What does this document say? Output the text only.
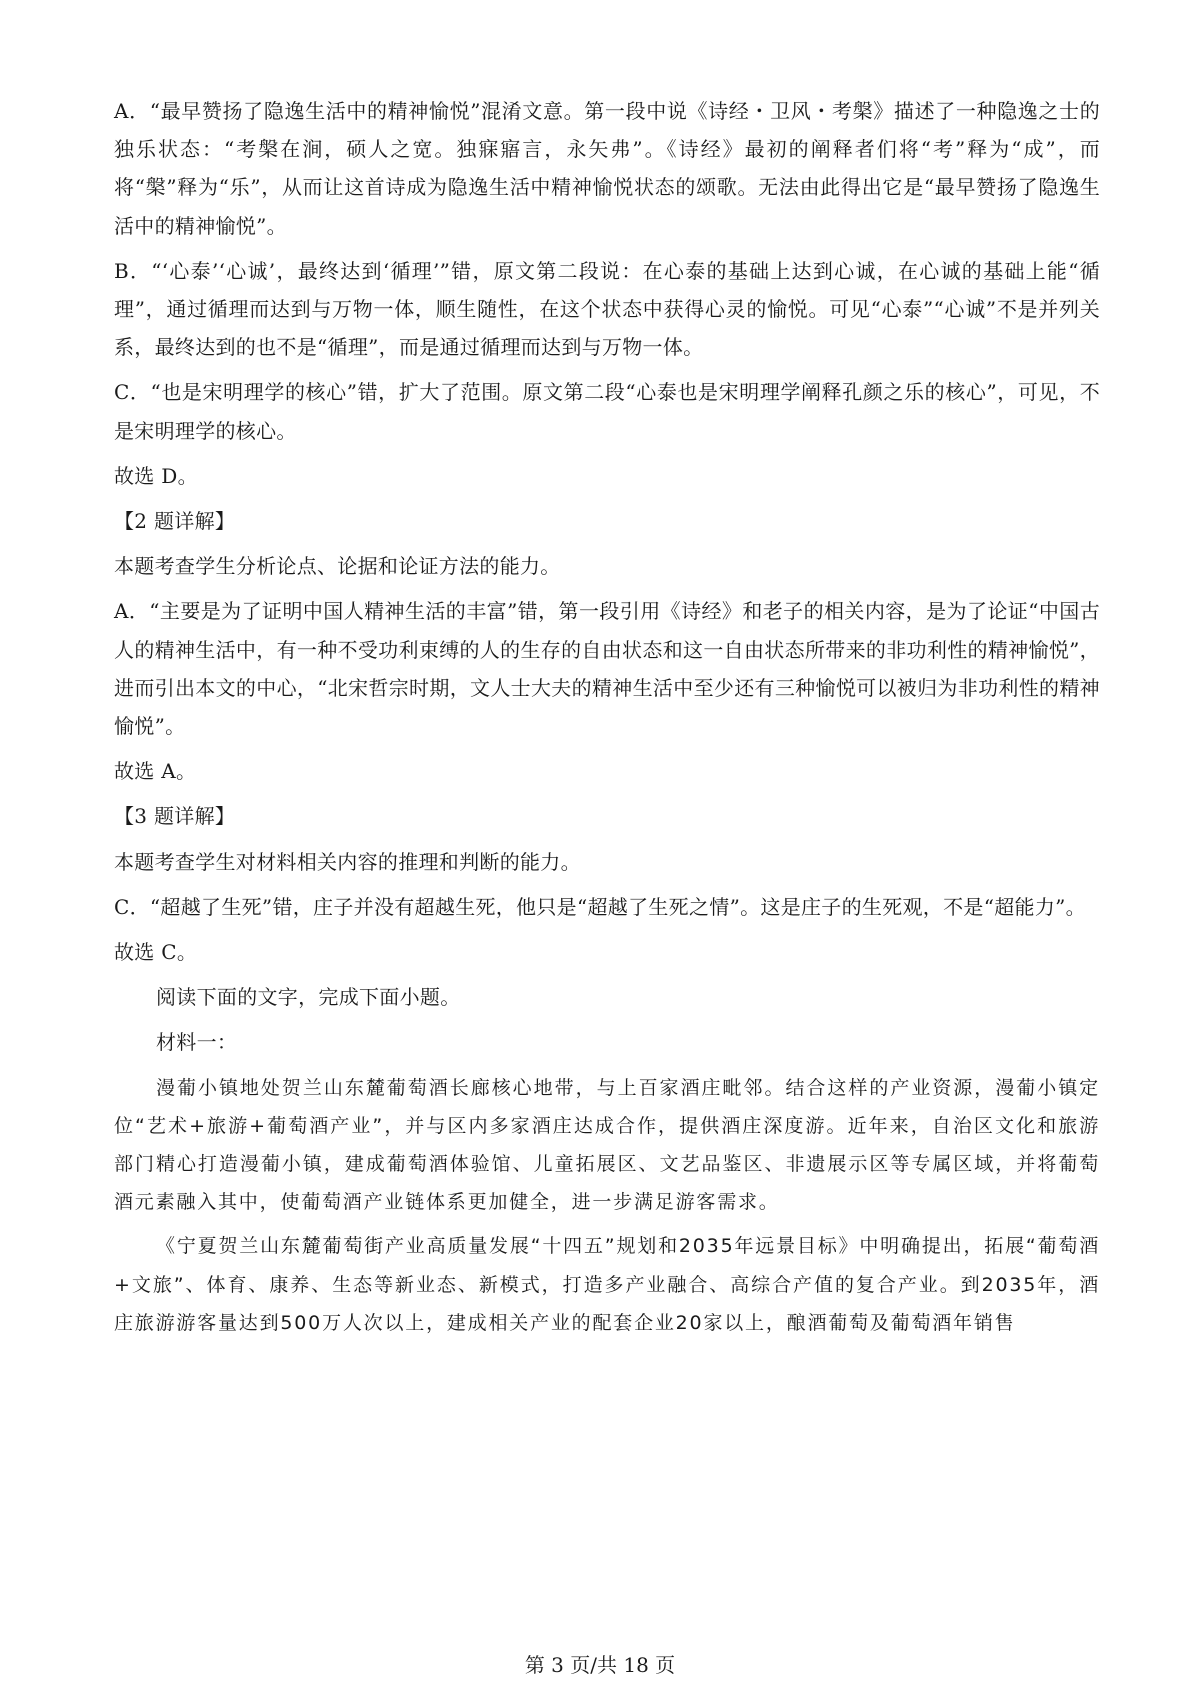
A．“最早赞扬了隐逸生活中的精神愉悦”混淆文意。第一段中说《诗经・卫风・考槃》描述了一种隐逸之士的独乐状态：“考槃在涧，硕人之宽。独寐寤言，永矢弗”。《诗经》最初的阐释者们将“考”释为“成”，而将“槃”释为“乐”，从而让这首诗成为隐逸生活中精神愉悦状态的颂歌。无法由此得出它是“最早赞扬了隐逸生活中的精神愉悦”。

B．“‘心泰’‘心诚’，最终达到‘循理’”错，原文第二段说：在心泰的基础上达到心诚，在心诚的基础上能“循理”，通过循理而达到与万物一体，顺生随性，在这个状态中获得心灵的愉悦。可见“心泰”“心诚”不是并列关系，最终达到的也不是“循理”，而是通过循理而达到与万物一体。

C．“也是宋明理学的核心”错，扩大了范围。原文第二段“心泰也是宋明理学阐释孔颜之乐的核心”，可见，不是宋明理学的核心。

故选 D。

【2 题详解】

本题考查学生分析论点、论据和论证方法的能力。

A．“主要是为了证明中国人精神生活的丰富”错，第一段引用《诗经》和老子的相关内容，是为了论证“中国古人的精神生活中，有一种不受功利束缚的人的生存的自由状态和这一自由状态所带来的非功利性的精神愉悦”，进而引出本文的中心，“北宋哲宗时期，文人士大夫的精神生活中至少还有三种愉悦可以被归为非功利性的精神愉悦”。

故选 A。

【3 题详解】

本题考查学生对材料相关内容的推理和判断的能力。

C．“超越了生死”错，庄子并没有超越生死，他只是“超越了生死之情”。这是庄子的生死观，不是“超能力”。

故选 C。

阅读下面的文字，完成下面小题。

材料一：

漫葡小镇地处贺兰山东麓葡萄酒长廊核心地带，与上百家酒庄毗邻。结合这样的产业资源，漫葡小镇定位“艺术+旅游+葡萄酒产业”，并与区内多家酒庄达成合作，提供酒庄深度游。近年来，自治区文化和旅游部门精心打造漫葡小镇，建成葡萄酒体验馆、儿童拓展区、文艺品鉴区、非遗展示区等专属区域，并将葡萄酒元素融入其中，使葡萄酒产业链体系更加健全，进一步满足游客需求。

《宁夏贺兰山东麓葡萄街产业高质量发展“十四五”规划和2035年远景目标》中明确提出，拓展“葡萄酒+文旅”、体育、康养、生态等新业态、新模式，打造多产业融合、高综合产值的复合产业。到2035年，酒庄旅游游客量达到500万人次以上，建成相关产业的配套企业20家以上，酿酒葡萄及葡萄酒年销售

第 3 页/共 18 页
